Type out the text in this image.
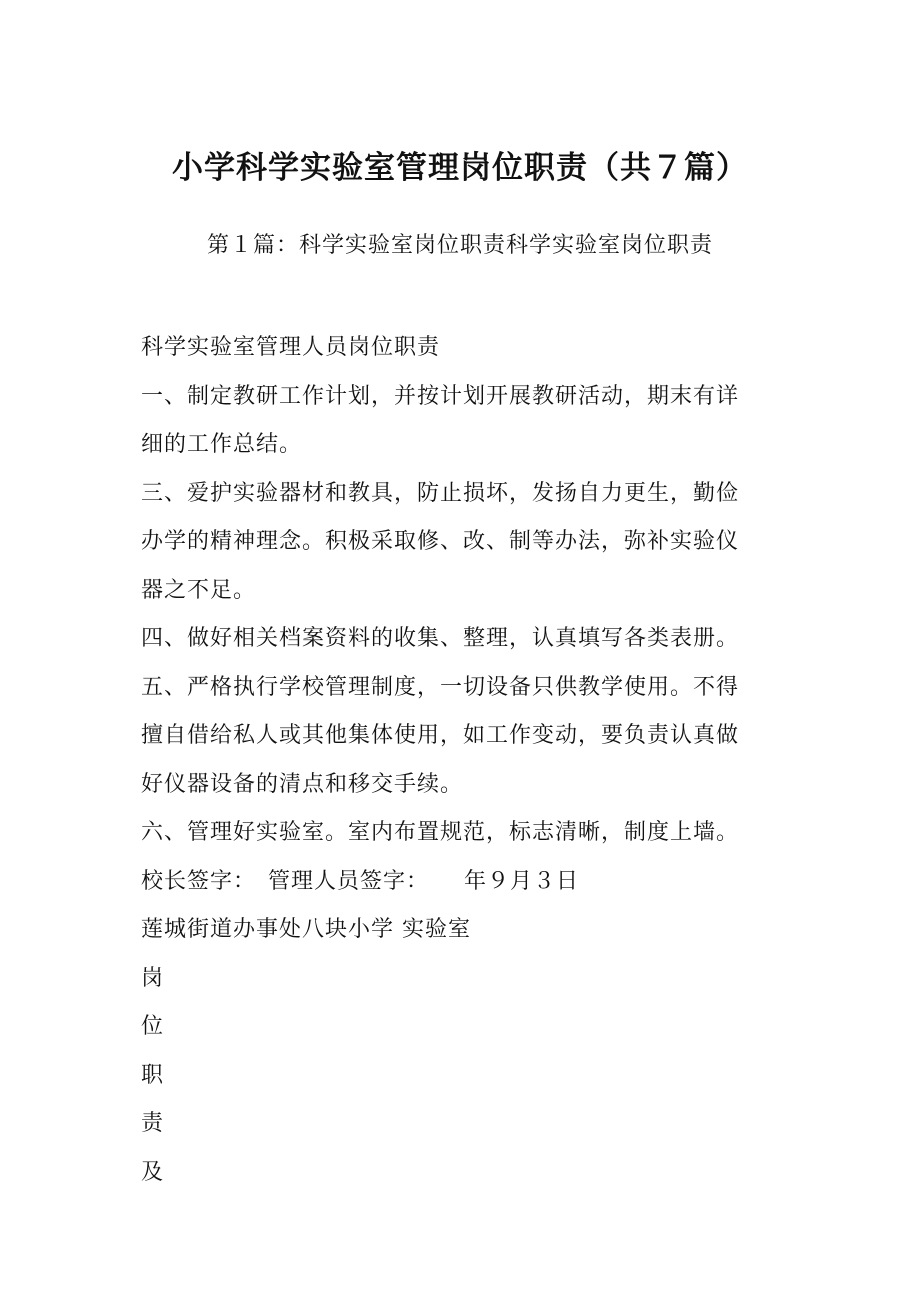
小学科学实验室管理岗位职责（共７篇）
第１篇：科学实验室岗位职责科学实验室岗位职责

科学实验室管理人员岗位职责

一、制定教研工作计划，并按计划开展教研活动，期末有详

细的工作总结。

三、爱护实验器材和教具，防止损坏，发扬自力更生，勤俭

办学的精神理念。积极采取修、改、制等办法，弥补实验仪

器之不足。

四、做好相关档案资料的收集、整理，认真填写各类表册。

五、严格执行学校管理制度，一切设备只供教学使用。不得

擅自借给私人或其他集体使用，如工作变动，要负责认真做

好仪器设备的清点和移交手续。

六、管理好实验室。室内布置规范，标志清晰，制度上墙。

校长签字：　管理人员签字：　　年９月３日

莲城街道办事处八块小学 实验室

岗

位

职

责

及
